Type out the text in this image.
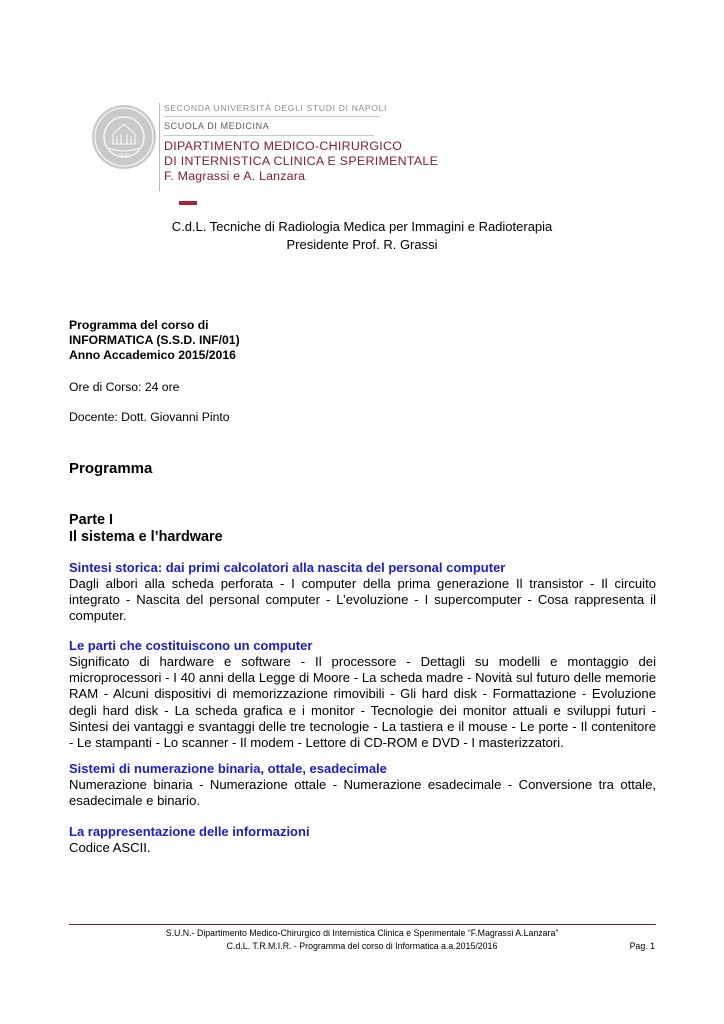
SUN
SECONDA UNIVERSITÀ DEGLI STUDI DI NAPOLI
SCUOLA DI MEDICINA
DIPARTIMENTO MEDICO-CHIRURGICO
DI INTERNISTICA CLINICA E SPERIMENTALE
F. Magrassi e A. Lanzara
C.d.L. Tecniche di Radiologia Medica per Immagini e Radioterapia
Presidente Prof. R. Grassi
Programma del corso di
INFORMATICA (S.S.D. INF/01)
Anno Accademico 2015/2016
Ore di Corso: 24 ore
Docente: Dott. Giovanni Pinto
Programma
Parte I
Il sistema e l’hardware
Sintesi storica: dai primi calcolatori alla nascita del personal computer
Dagli albori alla scheda perforata - I computer della prima generazione Il transistor - Il circuito integrato - Nascita del personal computer - L’evoluzione - I supercomputer - Cosa rappresenta il computer.
Le parti che costituiscono un computer
Significato di hardware e software - Il processore - Dettagli su modelli e montaggio dei microprocessori - I 40 anni della Legge di Moore - La scheda madre - Novità sul futuro delle memorie RAM - Alcuni dispositivi di memorizzazione rimovibili - Gli hard disk - Formattazione - Evoluzione degli hard disk - La scheda grafica e i monitor - Tecnologie dei monitor attuali e sviluppi futuri - Sintesi dei vantaggi e svantaggi delle tre tecnologie - La tastiera e il mouse - Le porte - Il contenitore - Le stampanti - Lo scanner - Il modem - Lettore di CD-ROM e DVD - I masterizzatori.
Sistemi di numerazione binaria, ottale, esadecimale
Numerazione binaria - Numerazione ottale - Numerazione esadecimale - Conversione tra ottale, esadecimale e binario.
La rappresentazione delle informazioni
Codice ASCII.
S.U.N.- Dipartimento Medico-Chirurgico di Internistica Clinica e Sperimentale “F.Magrassi A.Lanzara”
C.d.L. T.R.M.I.R. - Programma del corso di Informatica a.a.2015/2016	Pag. 1
